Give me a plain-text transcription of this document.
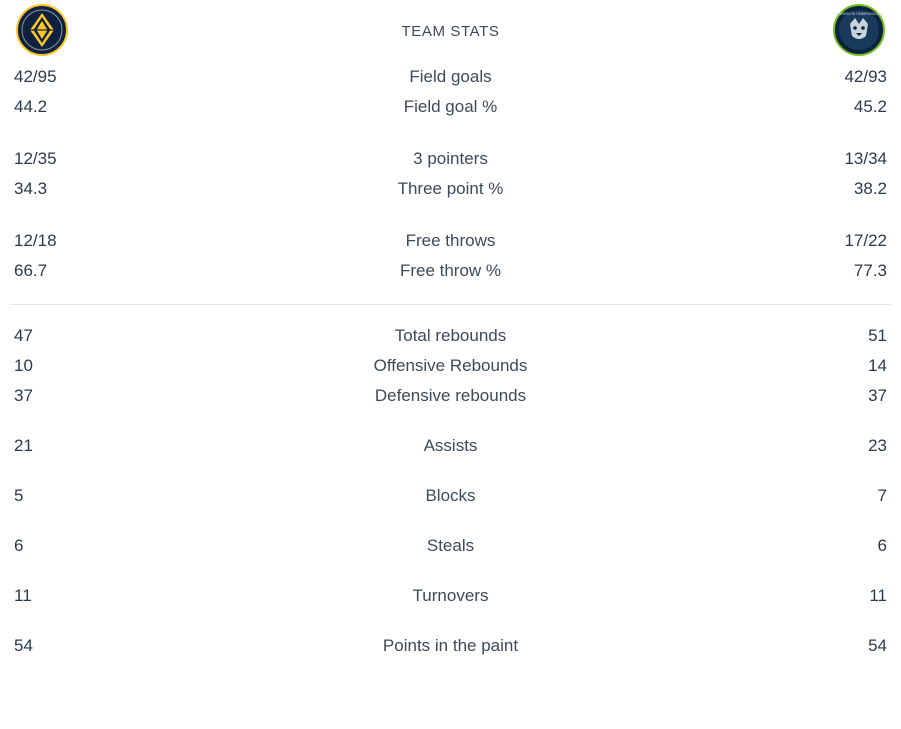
TEAM STATS
MINNESOTA TIMBERWOLVES
42/95	Field goals	42/93
44.2	Field goal %	45.2
12/35	3 pointers	13/34
34.3	Three point %	38.2
12/18	Free throws	17/22
66.7	Free throw %	77.3
47	Total rebounds	51
10	Offensive Rebounds	14
37	Defensive rebounds	37
21	Assists	23
5	Blocks	7
6	Steals	6
11	Turnovers	11
54	Points in the paint	54
